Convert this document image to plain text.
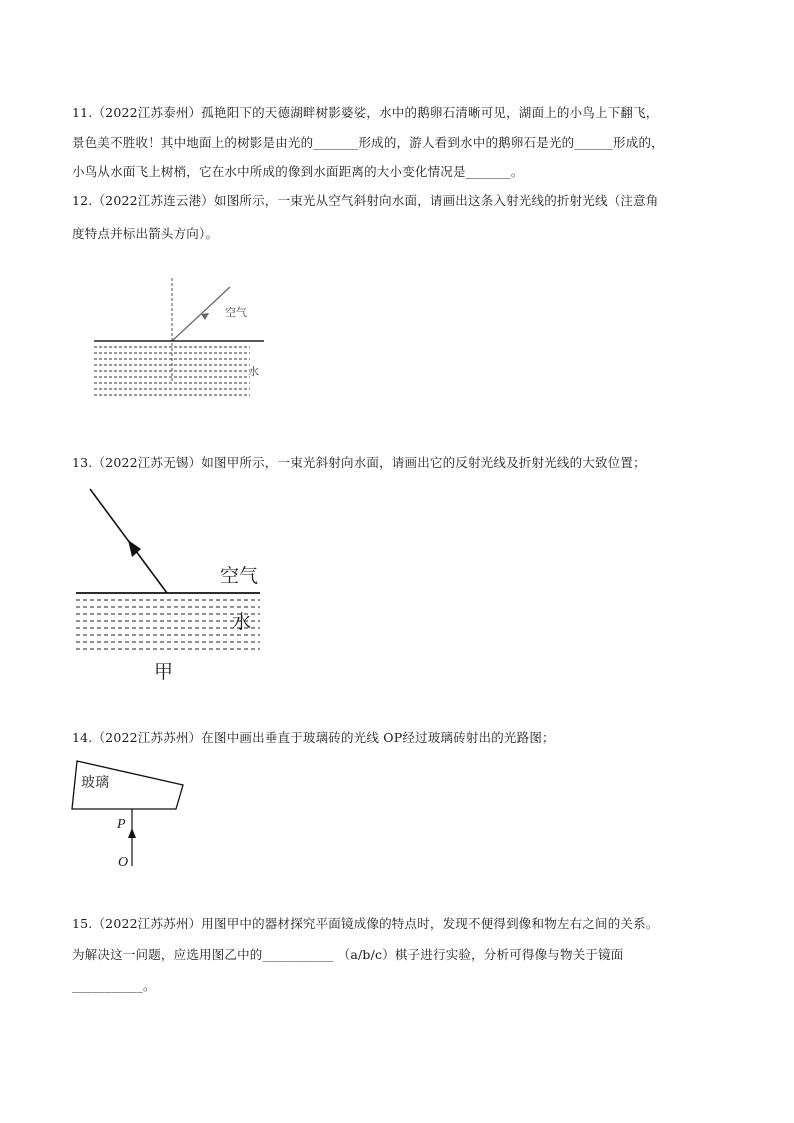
11.（2022江苏泰州）孤艳阳下的天德湖畔树影婆娑，水中的鹅卵石清晰可见，湖面上的小鸟上下翻飞，
景色美不胜收！其中地面上的树影是由光的_______形成的，游人看到水中的鹅卵石是光的______形成的，
小鸟从水面飞上树梢，它在水中所成的像到水面距离的大小变化情况是_______。
12.（2022江苏连云港）如图所示，一束光从空气斜射向水面，请画出这条入射光线的折射光线（注意角
度特点并标出箭头方向）。
空气
水
13.（2022江苏无锡）如图甲所示，一束光斜射向水面，请画出它的反射光线及折射光线的大致位置；
空气
水
甲
14.（2022江苏苏州）在图中画出垂直于玻璃砖的光线 OP经过玻璃砖射出的光路图；
玻璃
P
O
15.（2022江苏苏州）用图甲中的器材探究平面镜成像的特点时，发现不便得到像和物左右之间的关系。
为解决这一问题，应选用图乙中的___________ （a/b/c）棋子进行实验，分析可得像与物关于镜面
___________。
